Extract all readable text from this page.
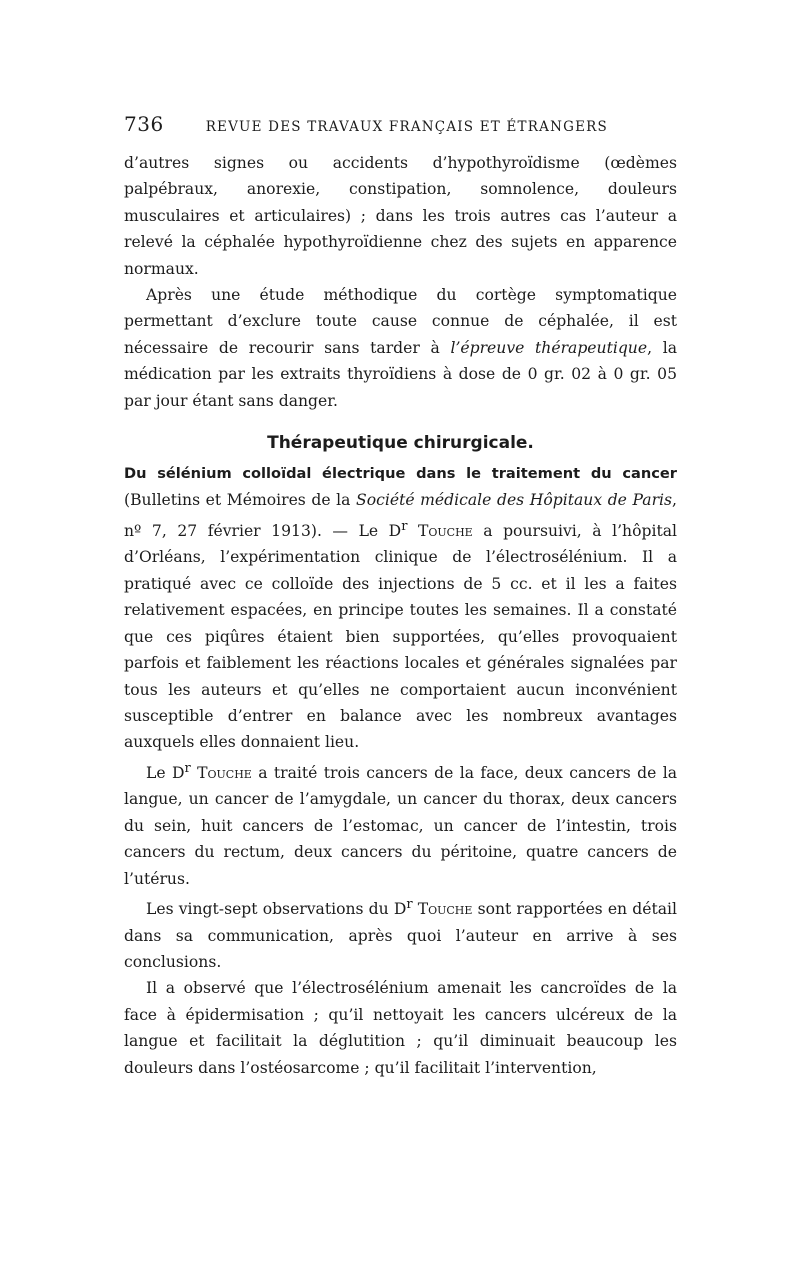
736	REVUE DES TRAVAUX FRANÇAIS ET ÉTRANGERS

d’autres signes ou accidents d’hypothyroïdisme (œdèmes palpébraux, anorexie, constipation, somnolence, douleurs musculaires et articulaires) ; dans les trois autres cas l’auteur a relevé la céphalée hypothyroïdienne chez des sujets en apparence normaux.

Après une étude méthodique du cortège symptomatique permettant d’exclure toute cause connue de céphalée, il est nécessaire de recourir sans tarder à l’épreuve thérapeutique, la médication par les extraits thyroïdiens à dose de 0 gr. 02 à 0 gr. 05 par jour étant sans danger.

Thérapeutique chirurgicale.

Du sélénium colloïdal électrique dans le traitement du cancer (Bulletins et Mémoires de la Société médicale des Hôpitaux de Paris, nº 7, 27 février 1913). — Le $D^r$ Touche a poursuivi, à l’hôpital d’Orléans, l’expérimentation clinique de l’électrosélénium. Il a pratiqué avec ce colloïde des injections de 5 cc. et il les a faites relativement espacées, en principe toutes les semaines. Il a constaté que ces piqûres étaient bien supportées, qu’elles provoquaient parfois et faiblement les réactions locales et générales signalées par tous les auteurs et qu’elles ne comportaient aucun inconvénient susceptible d’entrer en balance avec les nombreux avantages auxquels elles donnaient lieu.

Le $D^r$ Touche a traité trois cancers de la face, deux cancers de la langue, un cancer de l’amygdale, un cancer du thorax, deux cancers du sein, huit cancers de l’estomac, un cancer de l’intestin, trois cancers du rectum, deux cancers du péritoine, quatre cancers de l’utérus.

Les vingt-sept observations du $D^r$ Touche sont rapportées en détail dans sa communication, après quoi l’auteur en arrive à ses conclusions.

Il a observé que l’électrosélénium amenait les cancroïdes de la face à épidermisation ; qu’il nettoyait les cancers ulcéreux de la langue et facilitait la déglutition ; qu’il diminuait beaucoup les douleurs dans l’ostéosarcome ; qu’il facilitait l’intervention,
